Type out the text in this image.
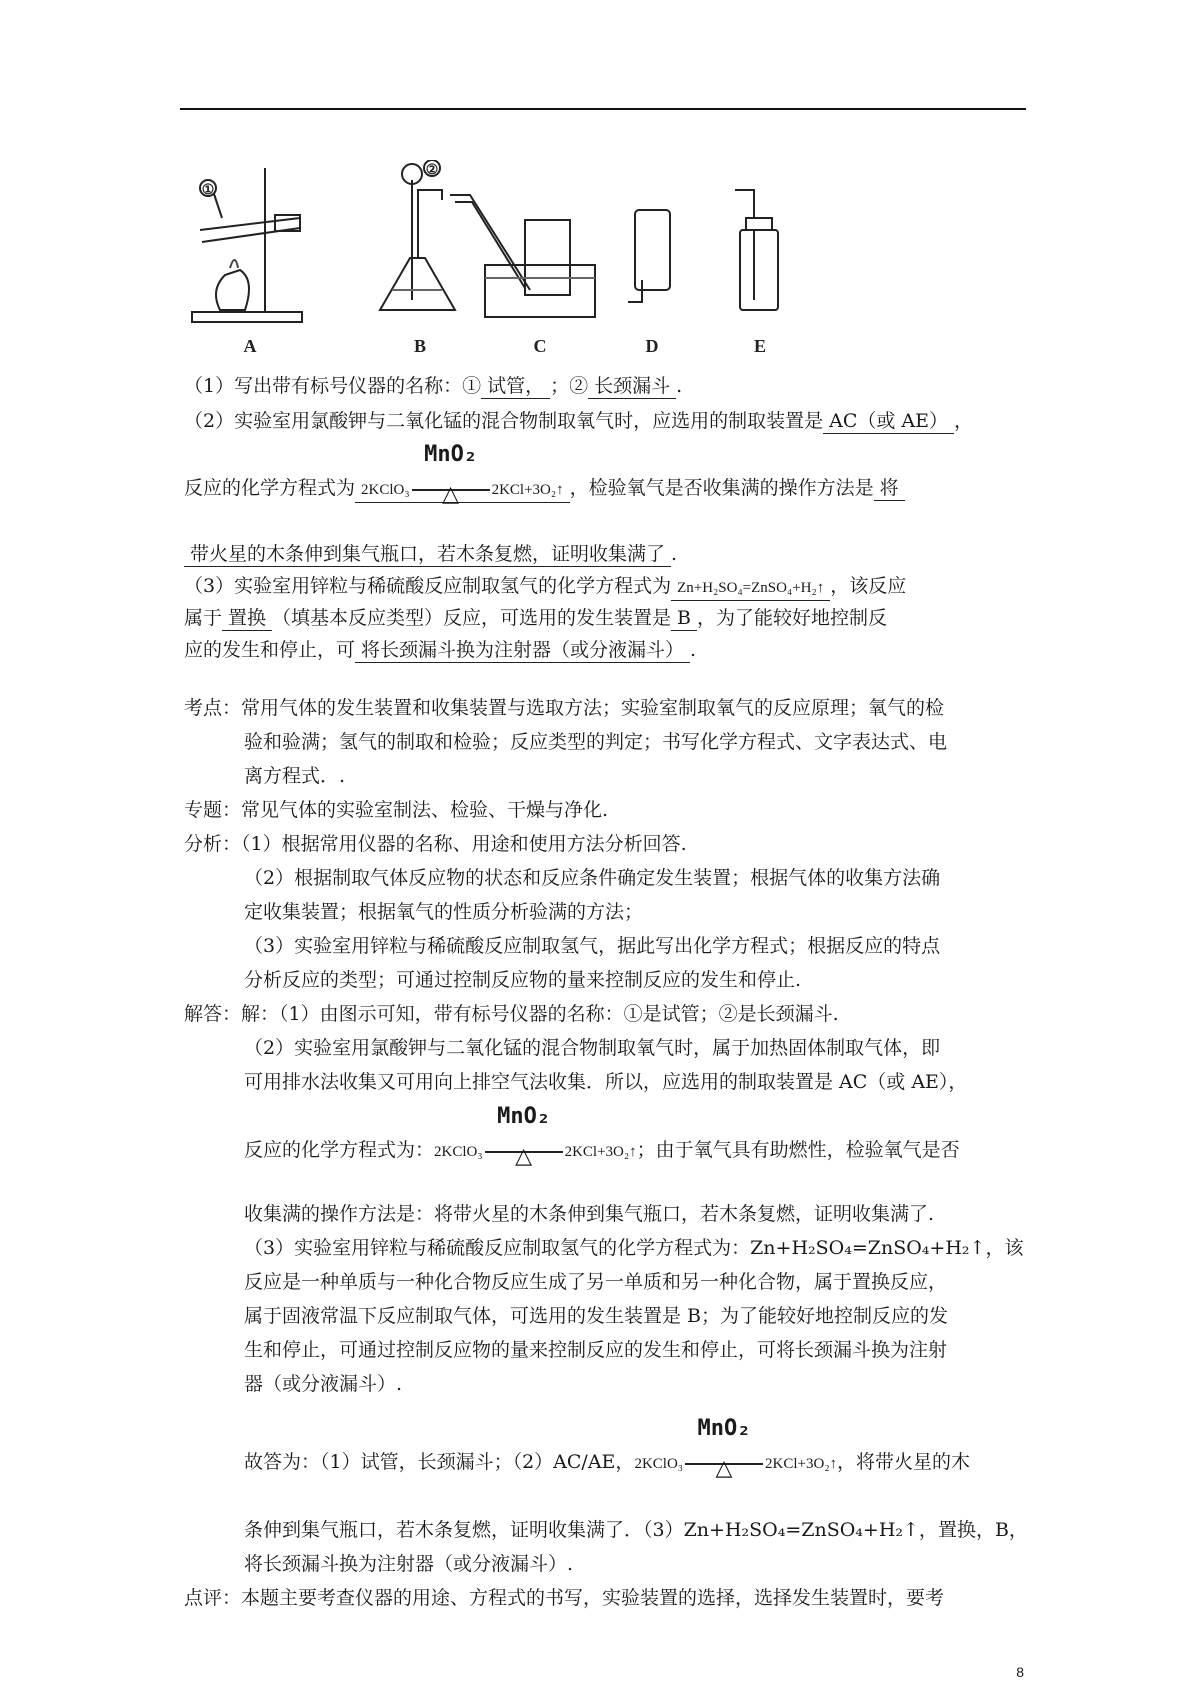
①
②
A	B	C	D	E
（1）写出带有标号仪器的名称：① 试管， ；② 长颈漏斗 .
（2）实验室用氯酸钾与二氧化锰的混合物制取氧气时，应选用的制取装置是 AC（或 AE） ，
反应的化学方程式为 2KClO₃
MnO₂
△ 2KCl+3O₂↑ ，检验氧气是否收集满的操作方法是 将
带火星的木条伸到集气瓶口，若木条复燃，证明收集满了 .
（3）实验室用锌粒与稀硫酸反应制取氢气的化学方程式为 Zn+H₂SO₄=ZnSO₄+H₂↑ ，该反应
属于 置换 （填基本反应类型）反应，可选用的发生装置是 B ，为了能较好地控制反
应的发生和停止，可 将长颈漏斗换为注射器（或分液漏斗） .
考点：常用气体的发生装置和收集装置与选取方法；实验室制取氧气的反应原理；氧气的检
验和验满；氢气的制取和检验；反应类型的判定；书写化学方程式、文字表达式、电
离方程式．.
专题：常见气体的实验室制法、检验、干燥与净化.
分析：（1）根据常用仪器的名称、用途和使用方法分析回答.
（2）根据制取气体反应物的状态和反应条件确定发生装置；根据气体的收集方法确
定收集装置；根据氧气的性质分析验满的方法；
（3）实验室用锌粒与稀硫酸反应制取氢气，据此写出化学方程式；根据反应的特点
分析反应的类型；可通过控制反应物的量来控制反应的发生和停止.
解答：解：（1）由图示可知，带有标号仪器的名称：①是试管；②是长颈漏斗.
（2）实验室用氯酸钾与二氧化锰的混合物制取氧气时，属于加热固体制取气体，即
可用排水法收集又可用向上排空气法收集．所以，应选用的制取装置是 AC（或 AE），
反应的化学方程式为：2KClO₃
MnO₂
△ 2KCl+3O₂↑；由于氧气具有助燃性，检验氧气是否
收集满的操作方法是：将带火星的木条伸到集气瓶口，若木条复燃，证明收集满了.
（3）实验室用锌粒与稀硫酸反应制取氢气的化学方程式为：Zn+H₂SO₄=ZnSO₄+H₂↑，该
反应是一种单质与一种化合物反应生成了另一单质和另一种化合物，属于置换反应，
属于固液常温下反应制取气体，可选用的发生装置是 B；为了能较好地控制反应的发
生和停止，可通过控制反应物的量来控制反应的发生和停止，可将长颈漏斗换为注射
器（或分液漏斗）.
故答为：（1）试管，长颈漏斗；（2）AC/AE，2KClO₃
MnO₂
△ 2KCl+3O₂↑，将带火星的木
条伸到集气瓶口，若木条复燃，证明收集满了．（3）Zn+H₂SO₄=ZnSO₄+H₂↑，置换，B，
将长颈漏斗换为注射器（或分液漏斗）.
点评：本题主要考查仪器的用途、方程式的书写，实验装置的选择，选择发生装置时，要考
8
